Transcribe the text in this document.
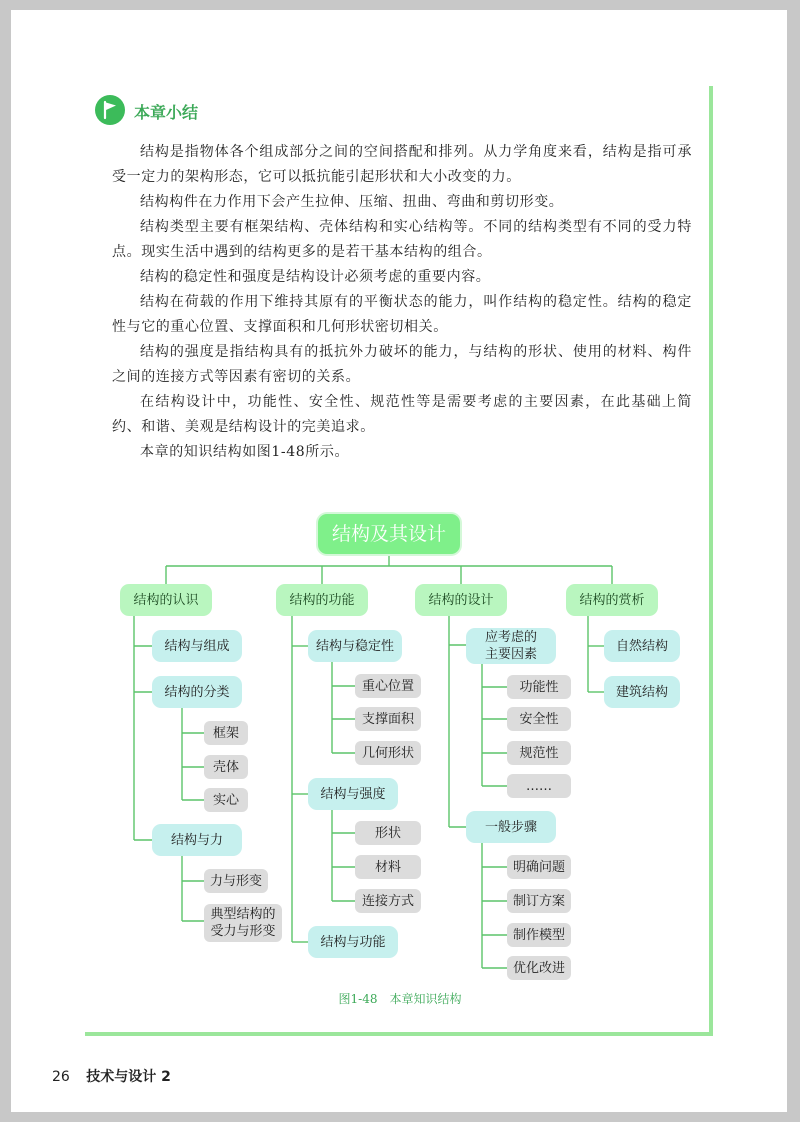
本章小结

结构是指物体各个组成部分之间的空间搭配和排列。从力学角度来看，结构是指可承受一定力的架构形态，它可以抵抗能引起形状和大小改变的力。

结构构件在力作用下会产生拉伸、压缩、扭曲、弯曲和剪切形变。

结构类型主要有框架结构、壳体结构和实心结构等。不同的结构类型有不同的受力特点。现实生活中遇到的结构更多的是若干基本结构的组合。

结构的稳定性和强度是结构设计必须考虑的重要内容。

结构在荷载的作用下维持其原有的平衡状态的能力，叫作结构的稳定性。结构的稳定性与它的重心位置、支撑面积和几何形状密切相关。

结构的强度是指结构具有的抵抗外力破坏的能力，与结构的形状、使用的材料、构件之间的连接方式等因素有密切的关系。

在结构设计中，功能性、安全性、规范性等是需要考虑的主要因素，在此基础上简约、和谐、美观是结构设计的完美追求。

本章的知识结构如图1-48所示。

结构及其设计
结构的认识	结构的功能	结构的设计	结构的赏析
结构与组成
结构的分类
框架
壳体
实心
结构与力
力与形变
典型结构的受力与形变
结构与稳定性
重心位置
支撑面积
几何形状
结构与强度
形状
材料
连接方式
结构与功能
应考虑的主要因素
功能性
安全性
规范性
……
一般步骤
明确问题
制订方案
制作模型
优化改进
自然结构
建筑结构
图1-48　本章知识结构
26 技术与设计 2
